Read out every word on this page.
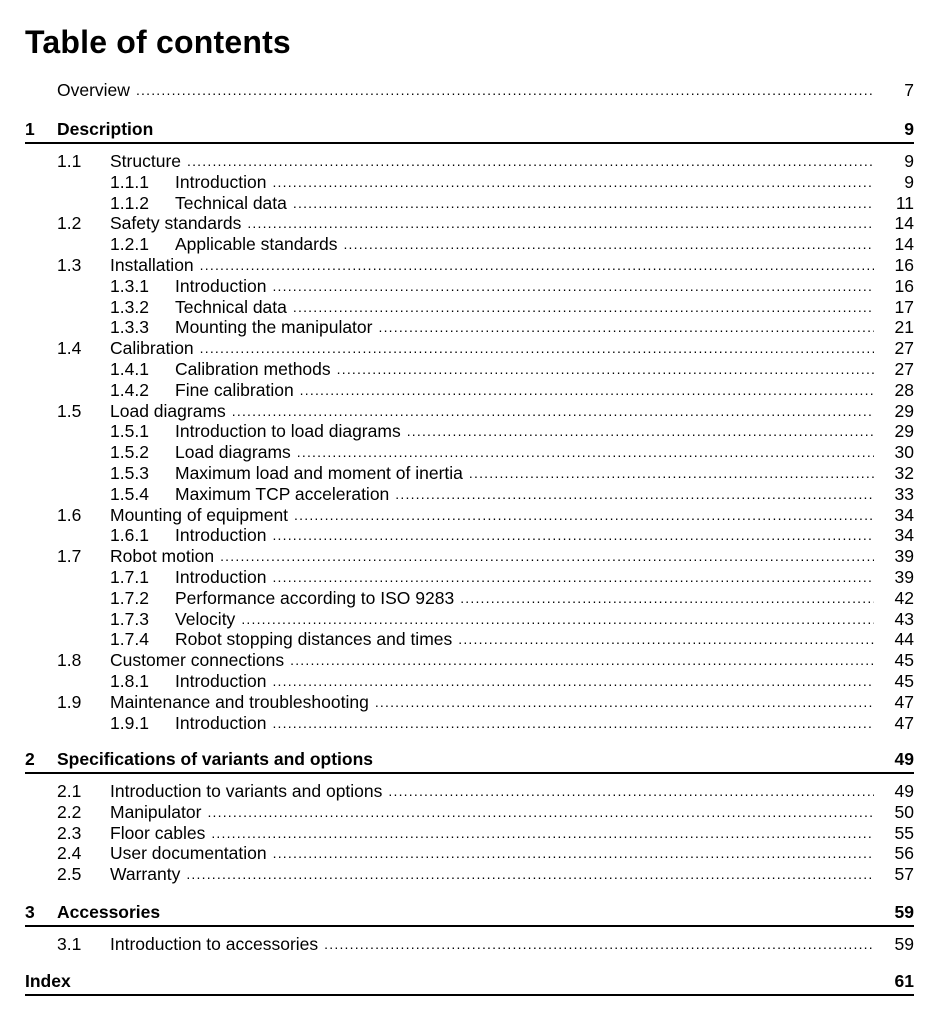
Table of contents
Overview .....	7
1 Description	9
1.1 Structure .....	9
1.1.1 Introduction .....	9
1.1.2 Technical data .....	11
1.2 Safety standards .....	14
1.2.1 Applicable standards .....	14
1.3 Installation .....	16
1.3.1 Introduction .....	16
1.3.2 Technical data .....	17
1.3.3 Mounting the manipulator .....	21
1.4 Calibration .....	27
1.4.1 Calibration methods .....	27
1.4.2 Fine calibration .....	28
1.5 Load diagrams .....	29
1.5.1 Introduction to load diagrams .....	29
1.5.2 Load diagrams .....	30
1.5.3 Maximum load and moment of inertia .....	32
1.5.4 Maximum TCP acceleration .....	33
1.6 Mounting of equipment .....	34
1.6.1 Introduction .....	34
1.7 Robot motion .....	39
1.7.1 Introduction .....	39
1.7.2 Performance according to ISO 9283 .....	42
1.7.3 Velocity .....	43
1.7.4 Robot stopping distances and times .....	44
1.8 Customer connections .....	45
1.8.1 Introduction .....	45
1.9 Maintenance and troubleshooting .....	47
1.9.1 Introduction .....	47
2 Specifications of variants and options	49
2.1 Introduction to variants and options .....	49
2.2 Manipulator .....	50
2.3 Floor cables .....	55
2.4 User documentation .....	56
2.5 Warranty .....	57
3 Accessories	59
3.1 Introduction to accessories .....	59
Index	61
